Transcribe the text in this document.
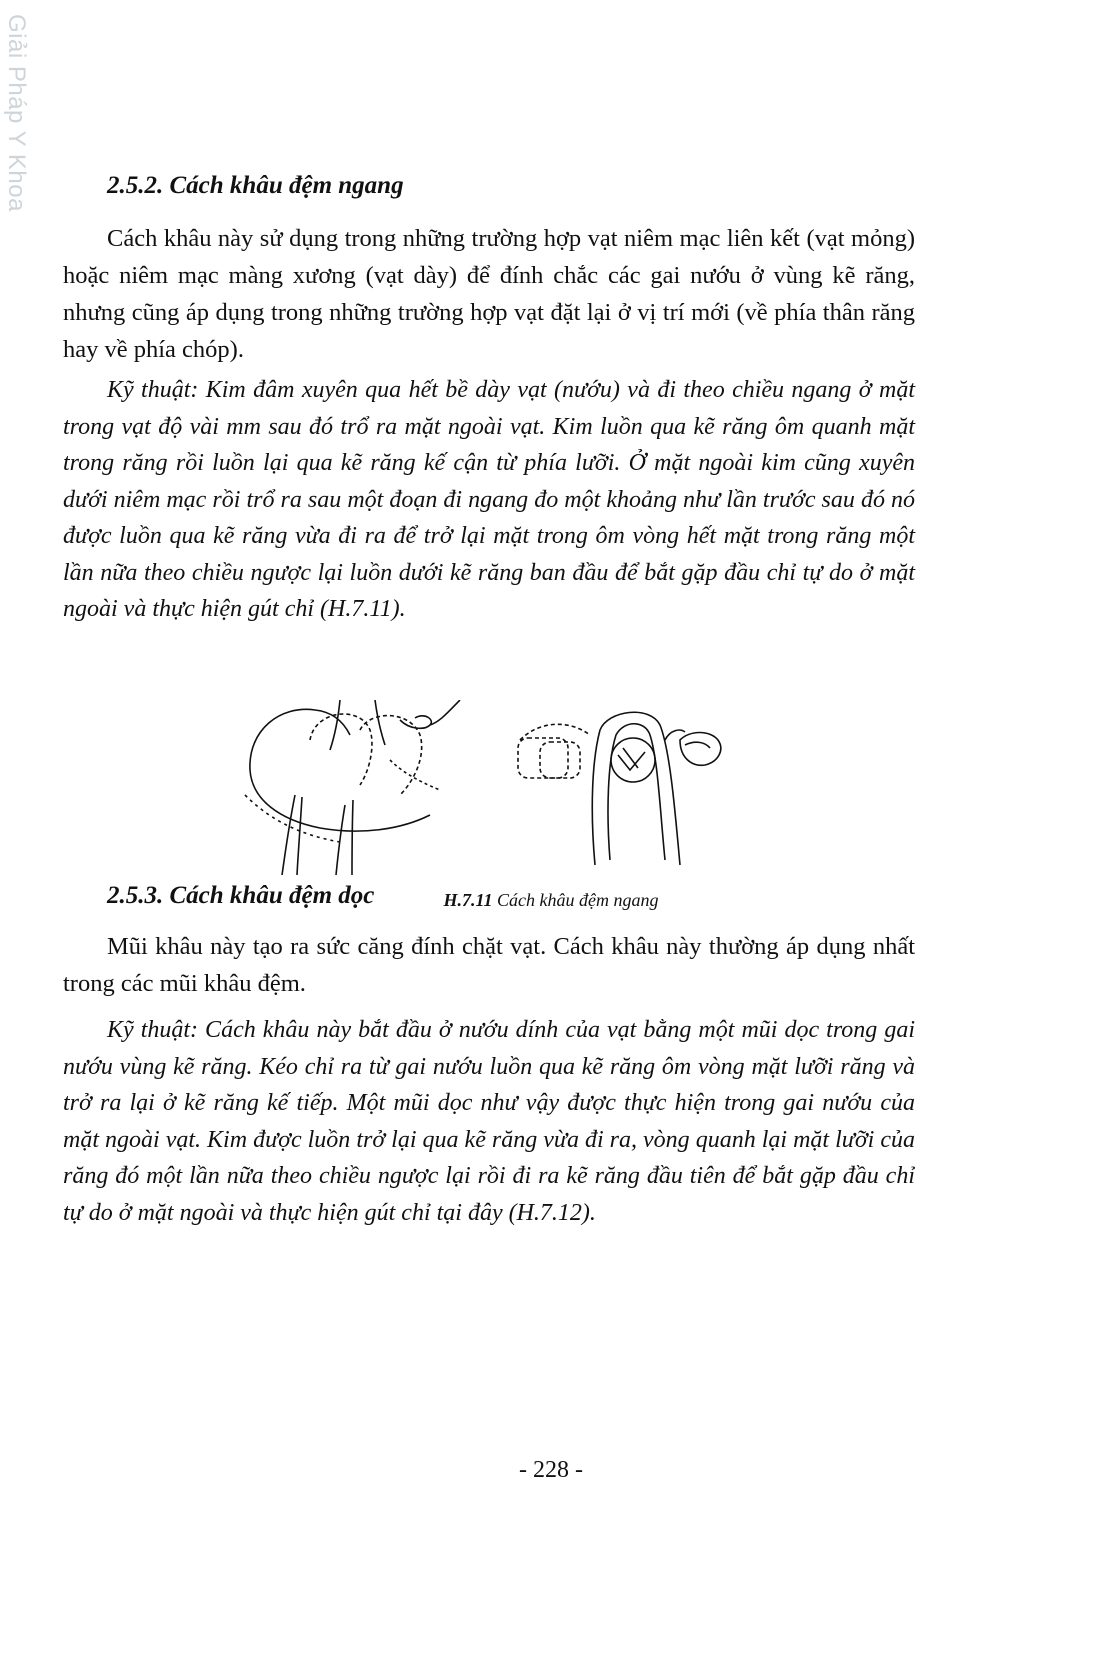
Giải Pháp Y Khoa	2.5.2. Cách khâu đệm ngang

Cách khâu này sử dụng trong những trường hợp vạt niêm mạc liên kết (vạt mỏng) hoặc niêm mạc màng xương (vạt dày) để đính chắc các gai nướu ở vùng kẽ răng, nhưng cũng áp dụng trong những trường hợp vạt đặt lại ở vị trí mới (về phía thân răng hay về phía chóp).

Kỹ thuật: Kim đâm xuyên qua hết bề dày vạt (nướu) và đi theo chiều ngang ở mặt trong vạt độ vài mm sau đó trổ ra mặt ngoài vạt. Kim luồn qua kẽ răng ôm quanh mặt trong răng rồi luồn lại qua kẽ răng kế cận từ phía lưỡi. Ở mặt ngoài kim cũng xuyên dưới niêm mạc rồi trổ ra sau một đoạn đi ngang đo một khoảng như lần trước sau đó nó được luồn qua kẽ răng vừa đi ra để trở lại mặt trong ôm vòng hết mặt trong răng một lần nữa theo chiều ngược lại luồn dưới kẽ răng ban đầu để bắt gặp đầu chỉ tự do ở mặt ngoài và thực hiện gút chỉ (H.7.11).

H.7.11 Cách khâu đệm ngang

2.5.3. Cách khâu đệm dọc

Mũi khâu này tạo ra sức căng đính chặt vạt. Cách khâu này thường áp dụng nhất trong các mũi khâu đệm.

Kỹ thuật: Cách khâu này bắt đầu ở nướu dính của vạt bằng một mũi dọc trong gai nướu vùng kẽ răng. Kéo chỉ ra từ gai nướu luồn qua kẽ răng ôm vòng mặt lưỡi răng và trở ra lại ở kẽ răng kế tiếp. Một mũi dọc như vậy được thực hiện trong gai nướu của mặt ngoài vạt. Kim được luồn trở lại qua kẽ răng vừa đi ra, vòng quanh lại mặt lưỡi của răng đó một lần nữa theo chiều ngược lại rồi đi ra kẽ răng đầu tiên để bắt gặp đầu chỉ tự do ở mặt ngoài và thực hiện gút chỉ tại đây (H.7.12).

- 228 -
